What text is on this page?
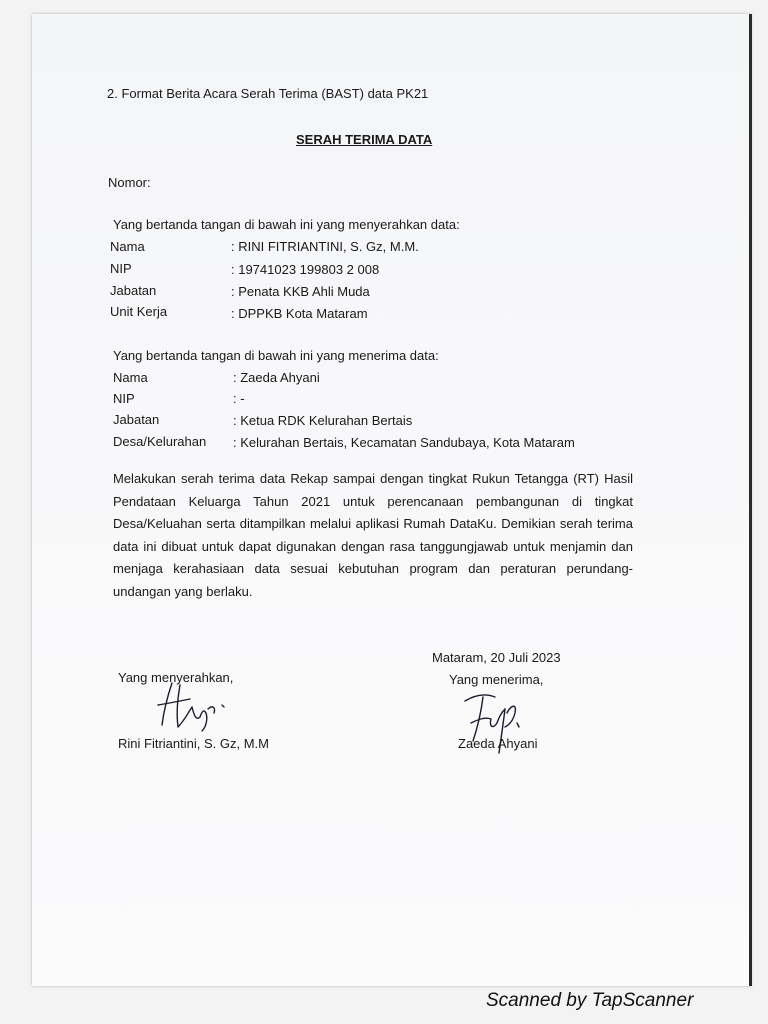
2. Format Berita Acara Serah Terima (BAST) data PK21
SERAH TERIMA DATA
Nomor:
Yang bertanda tangan di bawah ini yang menyerahkan data:
Nama	: RINI FITRIANTINI, S. Gz, M.M.
NIP	: 19741023 199803 2 008
Jabatan	: Penata KKB Ahli Muda
Unit Kerja	: DPPKB Kota Mataram
Yang bertanda tangan di bawah ini yang menerima data:
Nama	: Zaeda Ahyani
NIP	: -
Jabatan	: Ketua RDK Kelurahan Bertais
Desa/Kelurahan : Kelurahan Bertais, Kecamatan Sandubaya, Kota Mataram
Melakukan serah terima data Rekap sampai dengan tingkat Rukun Tetangga (RT) Hasil Pendataan Keluarga Tahun 2021 untuk perencanaan pembangunan di tingkat Desa/Keluahan serta ditampilkan melalui aplikasi Rumah DataKu. Demikian serah terima data ini dibuat untuk dapat digunakan dengan rasa tanggungjawab untuk menjamin dan menjaga kerahasiaan data sesuai kebutuhan program dan peraturan perundang-undangan yang berlaku.
Mataram, 20 Juli 2023
Yang menyerahkan,	Yang menerima,
Rini Fitriantini, S. Gz, M.M	Zaeda Ahyani
Scanned by TapScanner
